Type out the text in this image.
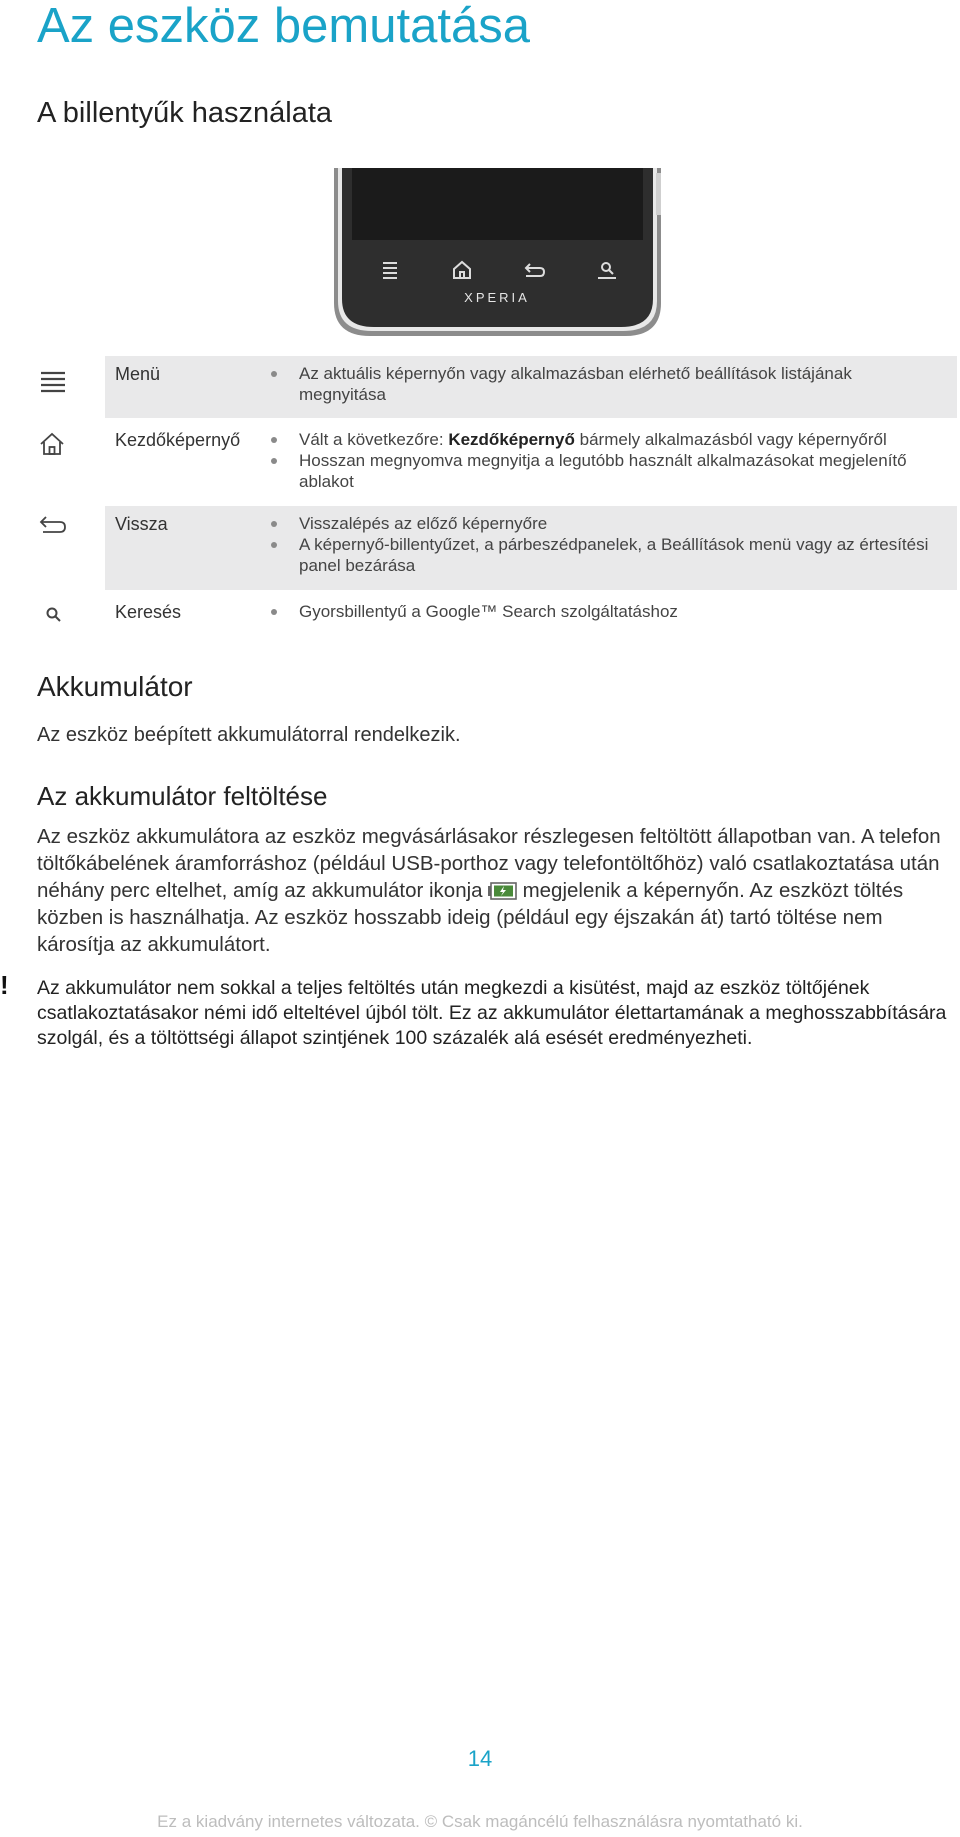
Az eszköz bemutatása
A billentyűk használata
XPERIA
Menü	Az aktuális képernyőn vagy alkalmazásban elérhető beállítások listájának megnyitása
Kezdőképernyő	Vált a következőre: Kezdőképernyő bármely alkalmazásból vagy képernyőről
Hosszan megnyomva megnyitja a legutóbb használt alkalmazásokat megjelenítő ablakot
Vissza	Visszalépés az előző képernyőre
A képernyő-billentyűzet, a párbeszédpanelek, a Beállítások menü vagy az értesítési panel bezárása
Keresés	Gyorsbillentyű a Google™ Search szolgáltatáshoz
Akkumulátor

Az eszköz beépített akkumulátorral rendelkezik.

Az akkumulátor feltöltése

Az eszköz akkumulátora az eszköz megvásárlásakor részlegesen feltöltött állapotban van. A telefon töltőkábelének áramforráshoz (például USB-porthoz vagy telefontöltőhöz) való csatlakoztatása után néhány perc eltelhet, amíg az akkumulátor ikonja megjelenik a képernyőn. Az eszközt töltés közben is használhatja. Az eszköz hosszabb ideig (például egy éjszakán át) tartó töltése nem károsítja az akkumulátort.

! Az akkumulátor nem sokkal a teljes feltöltés után megkezdi a kisütést, majd az eszköz töltőjének csatlakoztatásakor némi idő elteltével újból tölt. Ez az akkumulátor élettartamának a meghosszabbítására szolgál, és a töltöttségi állapot szintjének 100 százalék alá esését eredményezheti.

14
Ez a kiadvány internetes változata. © Csak magáncélú felhasználásra nyomtatható ki.
